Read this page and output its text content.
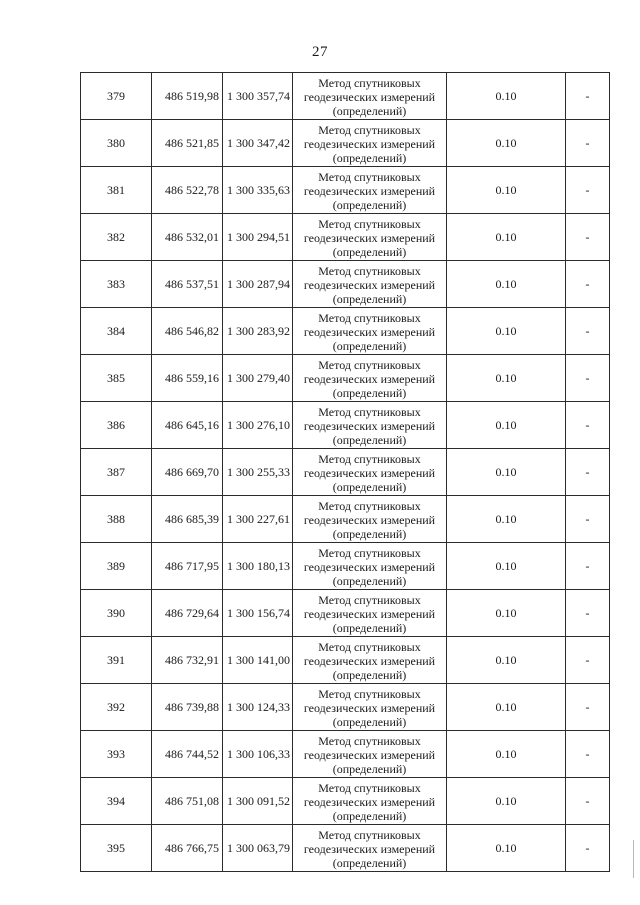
27
379	486 519,98	1 300 357,74	Метод спутниковых
геодезических измерений
(определений)	0.10	-
380	486 521,85	1 300 347,42	Метод спутниковых
геодезических измерений
(определений)	0.10	-
381	486 522,78	1 300 335,63	Метод спутниковых
геодезических измерений
(определений)	0.10	-
382	486 532,01	1 300 294,51	Метод спутниковых
геодезических измерений
(определений)	0.10	-
383	486 537,51	1 300 287,94	Метод спутниковых
геодезических измерений
(определений)	0.10	-
384	486 546,82	1 300 283,92	Метод спутниковых
геодезических измерений
(определений)	0.10	-
385	486 559,16	1 300 279,40	Метод спутниковых
геодезических измерений
(определений)	0.10	-
386	486 645,16	1 300 276,10	Метод спутниковых
геодезических измерений
(определений)	0.10	-
387	486 669,70	1 300 255,33	Метод спутниковых
геодезических измерений
(определений)	0.10	-
388	486 685,39	1 300 227,61	Метод спутниковых
геодезических измерений
(определений)	0.10	-
389	486 717,95	1 300 180,13	Метод спутниковых
геодезических измерений
(определений)	0.10	-
390	486 729,64	1 300 156,74	Метод спутниковых
геодезических измерений
(определений)	0.10	-
391	486 732,91	1 300 141,00	Метод спутниковых
геодезических измерений
(определений)	0.10	-
392	486 739,88	1 300 124,33	Метод спутниковых
геодезических измерений
(определений)	0.10	-
393	486 744,52	1 300 106,33	Метод спутниковых
геодезических измерений
(определений)	0.10	-
394	486 751,08	1 300 091,52	Метод спутниковых
геодезических измерений
(определений)	0.10	-
395	486 766,75	1 300 063,79	Метод спутниковых
геодезических измерений
(определений)	0.10	-
